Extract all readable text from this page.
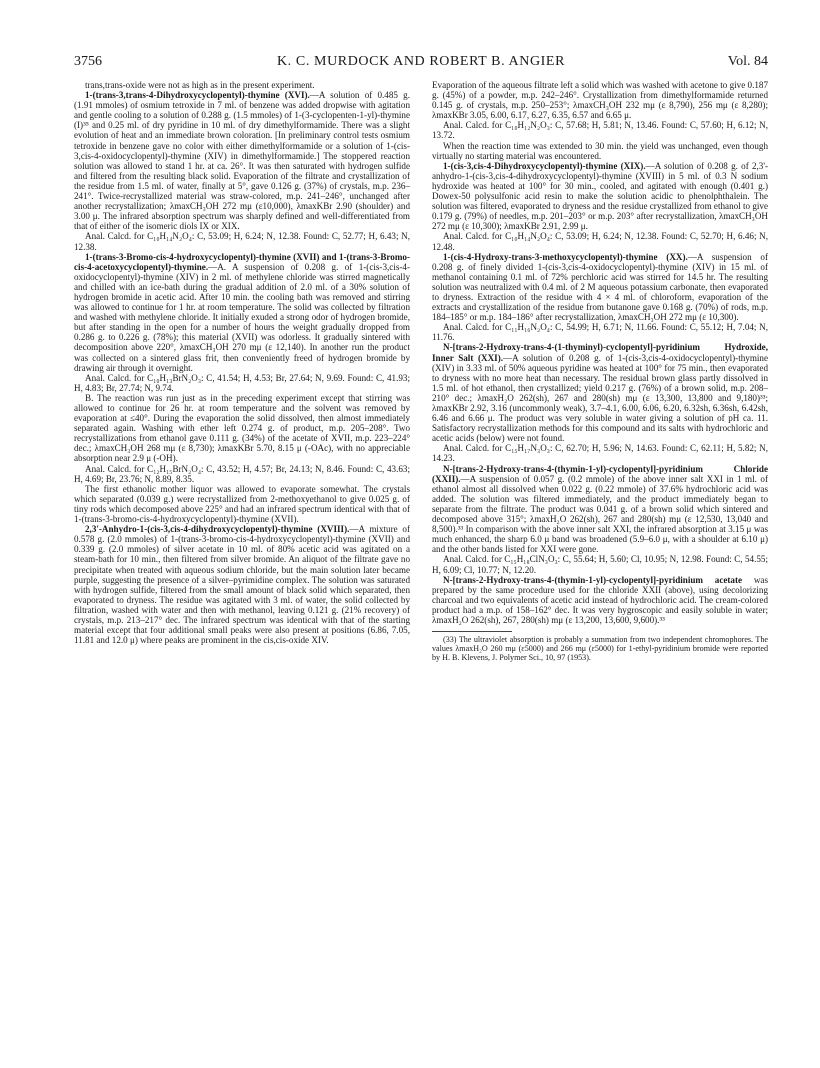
3756	K. C. MURDOCK AND ROBERT B. ANGIER	Vol. 84

trans,trans-oxide were not as high as in the present experiment.

1-(trans-3,trans-4-Dihydroxycyclopentyl)-thymine (XVI).—A solution of 0.485 g. (1.91 mmoles) of osmium tetroxide in 7 ml. of benzene was added dropwise with agitation and gentle cooling to a solution of 0.288 g. (1.5 mmoles) of 1-(3-cyclopenten-1-yl)-thymine (I)³⁵ and 0.25 ml. of dry pyridine in 10 ml. of dry dimethylformamide. There was a slight evolution of heat and an immediate brown coloration. [In preliminary control tests osmium tetroxide in benzene gave no color with either dimethylformamide or a solution of 1-(cis-3,cis-4-oxidocyclopentyl)-thymine (XIV) in dimethylformamide.] The stoppered reaction solution was allowed to stand 1 hr. at ca. 26°. It was then saturated with hydrogen sulfide and filtered from the resulting black solid. Evaporation of the filtrate and crystallization of the residue from 1.5 ml. of water, finally at 5°, gave 0.126 g. (37%) of crystals, m.p. 236–241°. Twice-recrystallized material was straw-colored, m.p. 241–246°, unchanged after another recrystallization; λmaxCH₃OH 272 mμ (ε10,000), λmaxKBr 2.90 (shoulder) and 3.00 μ. The infrared absorption spectrum was sharply defined and well-differentiated from that of either of the isomeric diols IX or XIX.

Anal. Calcd. for C₁₀H₁₄N₂O₄: C, 53.09; H, 6.24; N, 12.38. Found: C, 52.77; H, 6.43; N, 12.38.

1-(trans-3-Bromo-cis-4-hydroxycyclopentyl)-thymine (XVII) and 1-(trans-3-Bromo-cis-4-acetoxycyclopentyl)-thymine.—A. A suspension of 0.208 g. of 1-(cis-3,cis-4-oxidocyclopentyl)-thymine (XIV) in 2 ml. of methylene chloride was stirred magnetically and chilled with an ice-bath during the gradual addition of 2.0 ml. of a 30% solution of hydrogen bromide in acetic acid. After 10 min. the cooling bath was removed and stirring was allowed to continue for 1 hr. at room temperature. The solid was collected by filtration and washed with methylene chloride. It initially exuded a strong odor of hydrogen bromide, but after standing in the open for a number of hours the weight gradually dropped from 0.286 g. to 0.226 g. (78%); this material (XVII) was odorless. It gradually sintered with decomposition above 220°, λmaxCH₃OH 270 mμ (ε 12,140). In another run the product was collected on a sintered glass frit, then conveniently freed of hydrogen bromide by drawing air through it overnight.

Anal. Calcd. for C₁₀H₁₃BrN₂O₃: C, 41.54; H, 4.53; Br, 27.64; N, 9.69. Found: C, 41.93; H, 4.83; Br, 27.74; N, 9.74.

B. The reaction was run just as in the preceding experiment except that stirring was allowed to continue for 26 hr. at room temperature and the solvent was removed by evaporation at ≤40°. During the evaporation the solid dissolved, then almost immediately separated again. Washing with ether left 0.274 g. of product, m.p. 205–208°. Two recrystallizations from ethanol gave 0.111 g. (34%) of the acetate of XVII, m.p. 223–224° dec.; λmaxCH₃OH 268 mμ (ε 8,730); λmaxKBr 5.70, 8.15 μ (-OAc), with no appreciable absorption near 2.9 μ (-OH).

Anal. Calcd. for C₁₂H₁₅BrN₂O₄: C, 43.52; H, 4.57; Br, 24.13; N, 8.46. Found: C, 43.63; H, 4.69; Br, 23.76; N, 8.89, 8.35.

The first ethanolic mother liquor was allowed to evaporate somewhat. The crystals which separated (0.039 g.) were recrystallized from 2-methoxyethanol to give 0.025 g. of tiny rods which decomposed above 225° and had an infrared spectrum identical with that of 1-(trans-3-bromo-cis-4-hydroxycyclopentyl)-thymine (XVII).

2,3'-Anhydro-1-(cis-3,cis-4-dihydroxycyclopentyl)-thymine (XVIII).—A mixture of 0.578 g. (2.0 mmoles) of 1-(trans-3-bromo-cis-4-hydroxycyclopentyl)-thymine (XVII) and 0.339 g. (2.0 mmoles) of silver acetate in 10 ml. of 80% acetic acid was agitated on a steam-bath for 10 min., then filtered from silver bromide. An aliquot of the filtrate gave no precipitate when treated with aqueous sodium chloride, but the main solution later became purple, suggesting the presence of a silver–pyrimidine complex. The solution was saturated with hydrogen sulfide, filtered from the small amount of black solid which separated, then evaporated to dryness. The residue was agitated with 3 ml. of water, the solid collected by filtration, washed with water and then with methanol, leaving 0.121 g. (21% recovery) of crystals, m.p. 213–217° dec. The infrared spectrum was identical with that of the starting material except that four additional small peaks were also present at positions (6.86, 7.05, 11.81 and 12.0 μ) where peaks are prominent in the cis,cis-oxide XIV.

Evaporation of the aqueous filtrate left a solid which was washed with acetone to give 0.187 g. (45%) of a powder, m.p. 242–246°. Crystallization from dimethylformamide returned 0.145 g. of crystals, m.p. 250–253°; λmaxCH₃OH 232 mμ (ε 8,790), 256 mμ (ε 8,280); λmaxKBr 3.05, 6.00, 6.17, 6.27, 6.35, 6.57 and 6.65 μ.

Anal. Calcd. for C₁₀H₁₂N₂O₃: C, 57.68; H, 5.81; N, 13.46. Found: C, 57.60; H, 6.12; N, 13.72.

When the reaction time was extended to 30 min. the yield was unchanged, even though virtually no starting material was encountered.

1-(cis-3,cis-4-Dihydroxycyclopentyl)-thymine (XIX).—A solution of 0.208 g. of 2,3'-anhydro-1-(cis-3,cis-4-dihydroxycyclopentyl)-thymine (XVIII) in 5 ml. of 0.3 N sodium hydroxide was heated at 100° for 30 min., cooled, and agitated with enough (0.401 g.) Dowex-50 polysulfonic acid resin to make the solution acidic to phenolphthalein. The solution was filtered, evaporated to dryness and the residue crystallized from ethanol to give 0.179 g. (79%) of needles, m.p. 201–203° or m.p. 203° after recrystallization, λmaxCH₃OH 272 mμ (ε 10,300); λmaxKBr 2.91, 2.99 μ.

Anal. Calcd. for C₁₀H₁₄N₂O₄: C, 53.09; H, 6.24; N, 12.38. Found: C, 52.70; H, 6.46; N, 12.48.

1-(cis-4-Hydroxy-trans-3-methoxycyclopentyl)-thymine (XX).—A suspension of 0.208 g. of finely divided 1-(cis-3,cis-4-oxidocyclopentyl)-thymine (XIV) in 15 ml. of methanol containing 0.1 ml. of 72% perchloric acid was stirred for 14.5 hr. The resulting solution was neutralized with 0.4 ml. of 2 M aqueous potassium carbonate, then evaporated to dryness. Extraction of the residue with 4 × 4 ml. of chloroform, evaporation of the extracts and crystallization of the residue from butanone gave 0.168 g. (70%) of rods, m.p. 184–185° or m.p. 184–186° after recrystallization, λmaxCH₃OH 272 mμ (ε 10,300).

Anal. Calcd. for C₁₁H₁₆N₂O₄: C, 54.99; H, 6.71; N, 11.66. Found: C, 55.12; H, 7.04; N, 11.76.

N-[trans-2-Hydroxy-trans-4-(1-thyminyl)-cyclopentyl]-pyridinium Hydroxide, Inner Salt (XXI).—A solution of 0.208 g. of 1-(cis-3,cis-4-oxidocyclopentyl)-thymine (XIV) in 3.33 ml. of 50% aqueous pyridine was heated at 100° for 75 min., then evaporated to dryness with no more heat than necessary. The residual brown glass partly dissolved in 1.5 ml. of hot ethanol, then crystallized; yield 0.217 g. (76%) of a brown solid, m.p. 208–210° dec.; λmaxH₂O 262(sh), 267 and 280(sh) mμ (ε 13,300, 13,800 and 9,180)³³; λmaxKBr 2.92, 3.16 (uncommonly weak), 3.7–4.1, 6.00, 6.06, 6.20, 6.32sh, 6.36sh, 6.42sh, 6.46 and 6.66 μ. The product was very soluble in water giving a solution of pH ca. 11. Satisfactory recrystallization methods for this compound and its salts with hydrochloric and acetic acids (below) were not found.

Anal. Calcd. for C₁₅H₁₇N₃O₃: C, 62.70; H, 5.96; N, 14.63. Found: C, 62.11; H, 5.82; N, 14.23.

N-[trans-2-Hydroxy-trans-4-(thymin-1-yl)-cyclopentyl]-pyridinium Chloride (XXII).—A suspension of 0.057 g. (0.2 mmole) of the above inner salt XXI in 1 ml. of ethanol almost all dissolved when 0.022 g. (0.22 mmole) of 37.6% hydrochloric acid was added. The solution was filtered immediately, and the product immediately began to separate from the filtrate. The product was 0.041 g. of a brown solid which sintered and decomposed above 315°; λmaxH₂O 262(sh), 267 and 280(sh) mμ (ε 12,530, 13,040 and 8,500).³³ In comparison with the above inner salt XXI, the infrared absorption at 3.15 μ was much enhanced, the sharp 6.0 μ band was broadened (5.9–6.0 μ, with a shoulder at 6.10 μ) and the other bands listed for XXI were gone.

Anal. Calcd. for C₁₅H₁₈ClN₃O₃: C, 55.64; H, 5.60; Cl, 10.95; N, 12.98. Found: C, 54.55; H, 6.09; Cl, 10.77; N, 12.20.

N-[trans-2-Hydroxy-trans-4-(thymin-1-yl)-cyclopentyl]-pyridinium acetate was prepared by the same procedure used for the chloride XXII (above), using decolorizing charcoal and two equivalents of acetic acid instead of hydrochloric acid. The cream-colored product had a m.p. of 158–162° dec. It was very hygroscopic and easily soluble in water; λmaxH₂O 262(sh), 267, 280(sh) mμ (ε 13,200, 13,600, 9,600).³³

(33) The ultraviolet absorption is probably a summation from two independent chromophores. The values λmaxH₂O 260 mμ (ε5000) and 266 mμ (ε5000) for 1-ethyl-pyridinium bromide were reported by H. B. Klevens, J. Polymer Sci., 10, 97 (1953).
